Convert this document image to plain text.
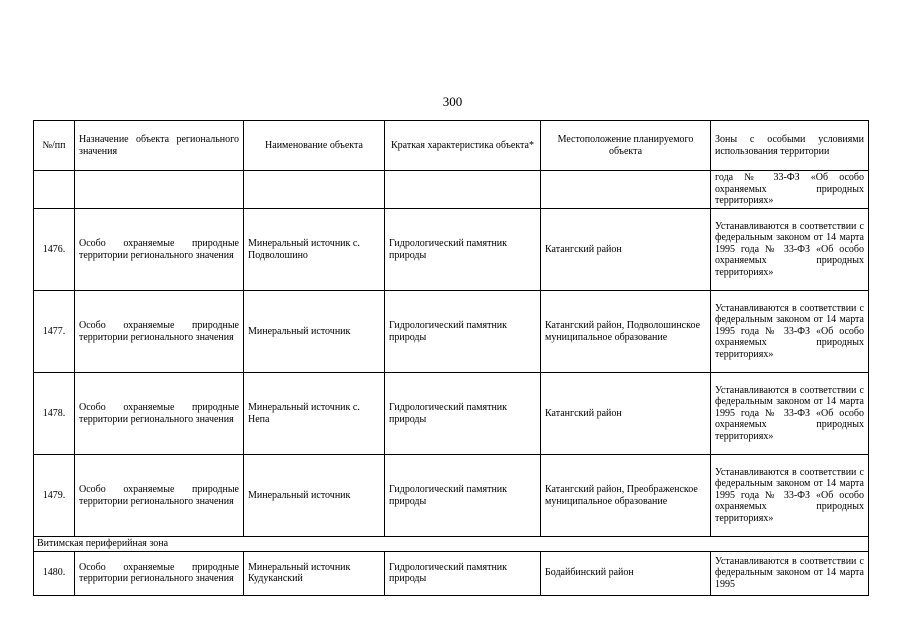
300
№/пп	Назначение объекта регионального значения	Наименование объекта	Краткая характеристика объекта*	Местоположение планируемого объекта	Зоны с особыми условиями использования территории
					года № 33-ФЗ «Об особо охраняемых природных территориях»
1476.	Особо охраняемые природные территории регионального значения	Минеральный источник с. Подволошино	Гидрологический памятник природы	Катангский район	Устанавливаются в соответствии с федеральным законом от 14 марта 1995 года № 33-ФЗ «Об особо охраняемых природных территориях»
1477.	Особо охраняемые природные территории регионального значения	Минеральный источник	Гидрологический памятник природы	Катангский район, Подволошинское муниципальное образование	Устанавливаются в соответствии с федеральным законом от 14 марта 1995 года № 33-ФЗ «Об особо охраняемых природных территориях»
1478.	Особо охраняемые природные территории регионального значения	Минеральный источник с. Непа	Гидрологический памятник природы	Катангский район	Устанавливаются в соответствии с федеральным законом от 14 марта 1995 года № 33-ФЗ «Об особо охраняемых природных территориях»
1479.	Особо охраняемые природные территории регионального значения	Минеральный источник	Гидрологический памятник природы	Катангский район, Преображенское муниципальное образование	Устанавливаются в соответствии с федеральным законом от 14 марта 1995 года № 33-ФЗ «Об особо охраняемых природных территориях»
Витимская периферийная зона					
1480.	Особо охраняемые природные территории регионального значения	Минеральный источник Кудуканский	Гидрологический памятник природы	Бодайбинский район	Устанавливаются в соответствии с федеральным законом от 14 марта 1995
